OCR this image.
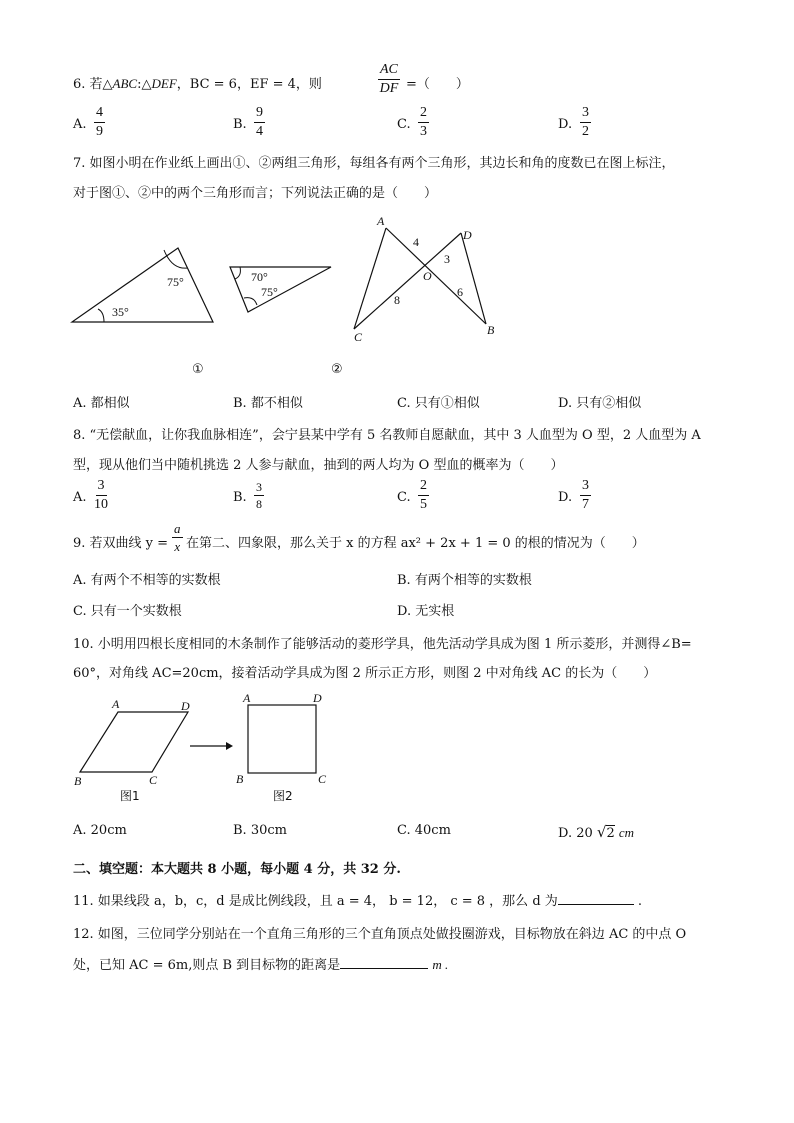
6. 若△ABC:△DEF，BC = 6，EF = 4，则	$\frac{AC}{DF}$ =（　　）
A. $\frac{4}{9}$	B. $\frac{9}{4}$	C. $\frac{2}{3}$	D. $\frac{3}{2}$
7. 如图小明在作业纸上画出①、②两组三角形，每组各有两个三角形，其边长和角的度数已在图上标注，
对于图①、②中的两个三角形而言；下列说法正确的是（　　）
75°
35°
70°
75°
①
A
D
O
C	B
4
3
8
6
②
A. 都相似	B. 都不相似	C. 只有①相似	D. 只有②相似
8. “无偿献血，让你我血脉相连”，会宁县某中学有 5 名教师自愿献血，其中 3 人血型为 O 型，2 人血型为 A
型，现从他们当中随机挑选 2 人参与献血，抽到的两人均为 O 型血的概率为（　　）
A. $\frac{3}{10}$	B. $\frac{3}{8}$	C. $\frac{2}{5}$	D. $\frac{3}{7}$
9. 若双曲线 $y = \frac{a}{x}$ 在第二、四象限，那么关于 x 的方程 ax² + 2x + 1 = 0 的根的情况为（　　）
A. 有两个不相等的实数根	B. 有两个相等的实数根
C. 只有一个实数根	D. 无实根
10. 小明用四根长度相同的木条制作了能够活动的菱形学具，他先活动学具成为图 1 所示菱形，并测得∠B=
60°，对角线 AC=20cm，接着活动学具成为图 2 所示正方形，则图 2 中对角线 AC 的长为（　　）
A	D
B	C
A	D
B	C
图1	图2
A. 20cm	B. 30cm	C. 40cm	D. 20 √2 cm
二、填空题：本大题共 8 小题，每小题 4 分，共 32 分.
11. 如果线段 a，b，c，d 是成比例线段，且 a = 4， b = 12， c = 8 ，那么 d 为	.
12. 如图，三位同学分别站在一个直角三角形的三个直角顶点处做投圈游戏，目标物放在斜边 AC 的中点 O
处，已知 AC = 6m,则点 B 到目标物的距离是	m .
